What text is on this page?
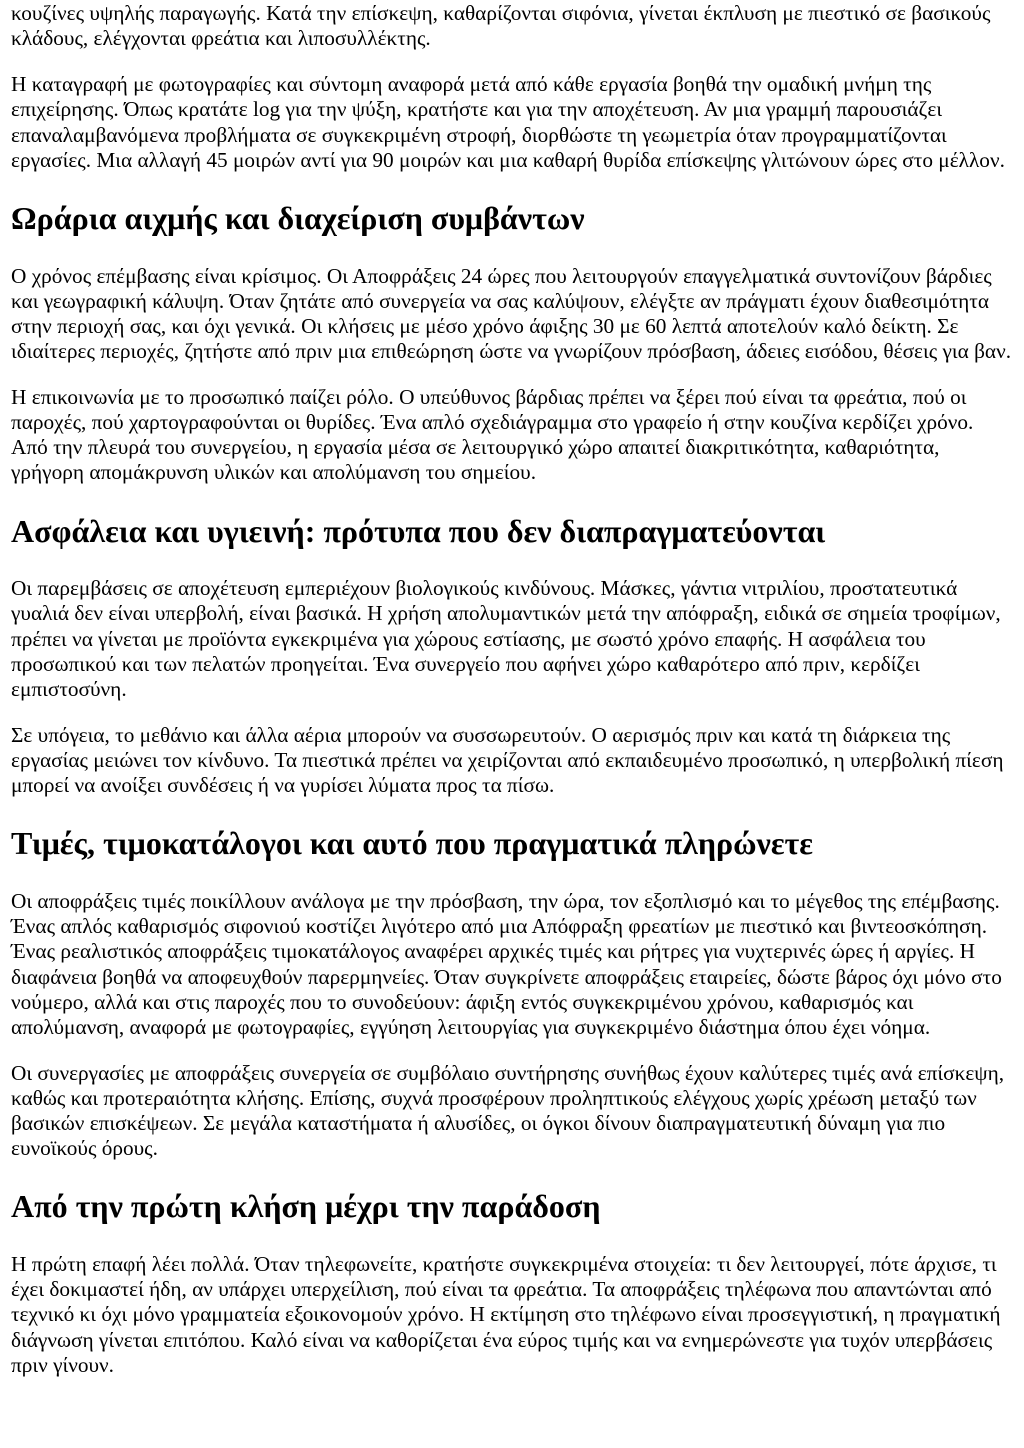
κουζίνες υψηλής παραγωγής. Κατά την επίσκεψη, καθαρίζονται σιφόνια, γίνεται έκπλυση με πιεστικό σε βασικούς κλάδους, ελέγχονται φρεάτια και λιποσυλλέκτης.

Η καταγραφή με φωτογραφίες και σύντομη αναφορά μετά από κάθε εργασία βοηθά την ομαδική μνήμη της επιχείρησης. Όπως κρατάτε log για την ψύξη, κρατήστε και για την αποχέτευση. Αν μια γραμμή παρουσιάζει επαναλαμβανόμενα προβλήματα σε συγκεκριμένη στροφή, διορθώστε τη γεωμετρία όταν προγραμματίζονται εργασίες. Μια αλλαγή 45 μοιρών αντί για 90 μοιρών και μια καθαρή θυρίδα επίσκεψης γλιτώνουν ώρες στο μέλλον.

Ωράρια αιχμής και διαχείριση συμβάντων

Ο χρόνος επέμβασης είναι κρίσιμος. Οι Αποφράξεις 24 ώρες που λειτουργούν επαγγελματικά συντονίζουν βάρδιες και γεωγραφική κάλυψη. Όταν ζητάτε από συνεργεία να σας καλύψουν, ελέγξτε αν πράγματι έχουν διαθεσιμότητα στην περιοχή σας, και όχι γενικά. Οι κλήσεις με μέσο χρόνο άφιξης 30 με 60 λεπτά αποτελούν καλό δείκτη. Σε ιδιαίτερες περιοχές, ζητήστε από πριν μια επιθεώρηση ώστε να γνωρίζουν πρόσβαση, άδειες εισόδου, θέσεις για βαν.

Η επικοινωνία με το προσωπικό παίζει ρόλο. Ο υπεύθυνος βάρδιας πρέπει να ξέρει πού είναι τα φρεάτια, πού οι παροχές, πού χαρτογραφούνται οι θυρίδες. Ένα απλό σχεδιάγραμμα στο γραφείο ή στην κουζίνα κερδίζει χρόνο. Από την πλευρά του συνεργείου, η εργασία μέσα σε λειτουργικό χώρο απαιτεί διακριτικότητα, καθαριότητα, γρήγορη απομάκρυνση υλικών και απολύμανση του σημείου.

Ασφάλεια και υγιεινή: πρότυπα που δεν διαπραγματεύονται

Οι παρεμβάσεις σε αποχέτευση εμπεριέχουν βιολογικούς κινδύνους. Μάσκες, γάντια νιτριλίου, προστατευτικά γυαλιά δεν είναι υπερβολή, είναι βασικά. Η χρήση απολυμαντικών μετά την απόφραξη, ειδικά σε σημεία τροφίμων, πρέπει να γίνεται με προϊόντα εγκεκριμένα για χώρους εστίασης, με σωστό χρόνο επαφής. Η ασφάλεια του προσωπικού και των πελατών προηγείται. Ένα συνεργείο που αφήνει χώρο καθαρότερο από πριν, κερδίζει εμπιστοσύνη.

Σε υπόγεια, το μεθάνιο και άλλα αέρια μπορούν να συσσωρευτούν. Ο αερισμός πριν και κατά τη διάρκεια της εργασίας μειώνει τον κίνδυνο. Τα πιεστικά πρέπει να χειρίζονται από εκπαιδευμένο προσωπικό, η υπερβολική πίεση μπορεί να ανοίξει συνδέσεις ή να γυρίσει λύματα προς τα πίσω.

Τιμές, τιμοκατάλογοι και αυτό που πραγματικά πληρώνετε

Οι αποφράξεις τιμές ποικίλλουν ανάλογα με την πρόσβαση, την ώρα, τον εξοπλισμό και το μέγεθος της επέμβασης. Ένας απλός καθαρισμός σιφονιού κοστίζει λιγότερο από μια Απόφραξη φρεατίων με πιεστικό και βιντεοσκόπηση. Ένας ρεαλιστικός αποφράξεις τιμοκατάλογος αναφέρει αρχικές τιμές και ρήτρες για νυχτερινές ώρες ή αργίες. Η διαφάνεια βοηθά να αποφευχθούν παρερμηνείες. Όταν συγκρίνετε αποφράξεις εταιρείες, δώστε βάρος όχι μόνο στο νούμερο, αλλά και στις παροχές που το συνοδεύουν: άφιξη εντός συγκεκριμένου χρόνου, καθαρισμός και απολύμανση, αναφορά με φωτογραφίες, εγγύηση λειτουργίας για συγκεκριμένο διάστημα όπου έχει νόημα.

Οι συνεργασίες με αποφράξεις συνεργεία σε συμβόλαιο συντήρησης συνήθως έχουν καλύτερες τιμές ανά επίσκεψη, καθώς και προτεραιότητα κλήσης. Επίσης, συχνά προσφέρουν προληπτικούς ελέγχους χωρίς χρέωση μεταξύ των βασικών επισκέψεων. Σε μεγάλα καταστήματα ή αλυσίδες, οι όγκοι δίνουν διαπραγματευτική δύναμη για πιο ευνοϊκούς όρους.

Από την πρώτη κλήση μέχρι την παράδοση

Η πρώτη επαφή λέει πολλά. Όταν τηλεφωνείτε, κρατήστε συγκεκριμένα στοιχεία: τι δεν λειτουργεί, πότε άρχισε, τι έχει δοκιμαστεί ήδη, αν υπάρχει υπερχείλιση, πού είναι τα φρεάτια. Τα αποφράξεις τηλέφωνα που απαντώνται από τεχνικό κι όχι μόνο γραμματεία εξοικονομούν χρόνο. Η εκτίμηση στο τηλέφωνο είναι προσεγγιστική, η πραγματική διάγνωση γίνεται επιτόπου. Καλό είναι να καθορίζεται ένα εύρος τιμής και να ενημερώνεστε για τυχόν υπερβάσεις πριν γίνουν.
